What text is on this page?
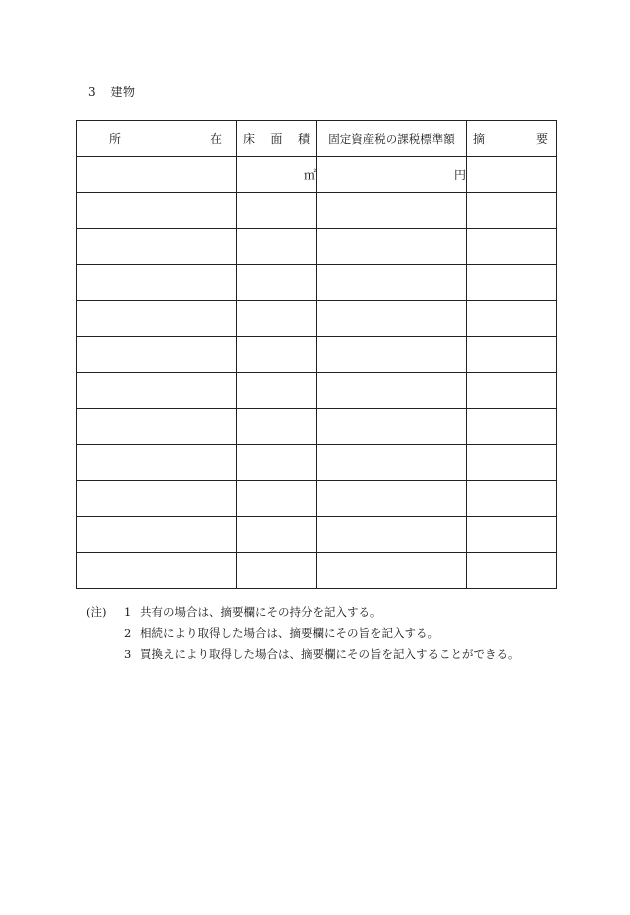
3 建物
所 在	床 面 積	固定資産税の課税標準額	摘 要

	㎡	円	

(注)	1 共有の場合は、摘要欄にその持分を記入する。
2 相続により取得した場合は、摘要欄にその旨を記入する。
3 買換えにより取得した場合は、摘要欄にその旨を記入することができる。
